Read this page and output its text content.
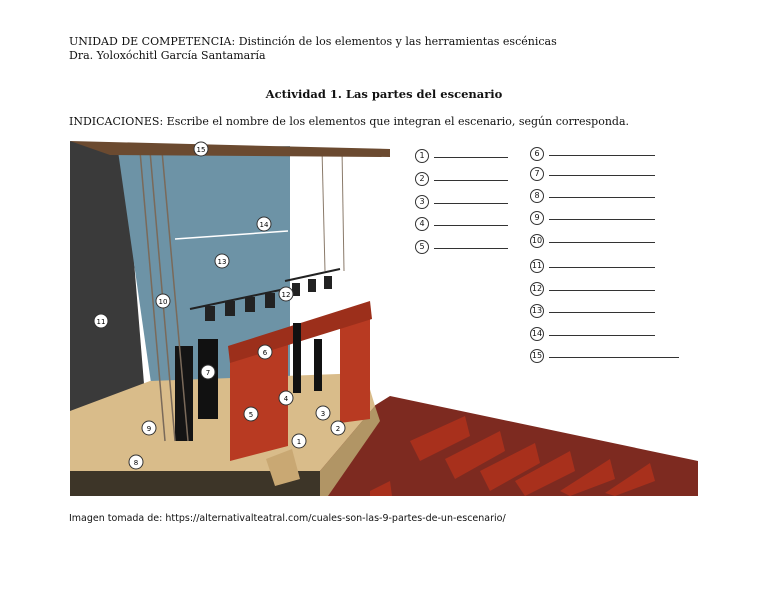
UNIDAD DE COMPETENCIA: Distinción de los elementos y las herramientas escénicas
Dra. Yoloxóchitl García Santamaría
Actividad 1. Las partes del escenario
INDICACIONES: Escribe el nombre de los elementos que integran el escenario, según corresponda.
1
2
3
4
5
6
7
8
9
10
11
12
13
14
15
1
2
3
4
5
6
7
8
9
10
11
12
13
14
15
Imagen tomada de: https://alternativalteatral.com/cuales-son-las-9-partes-de-un-escenario/
